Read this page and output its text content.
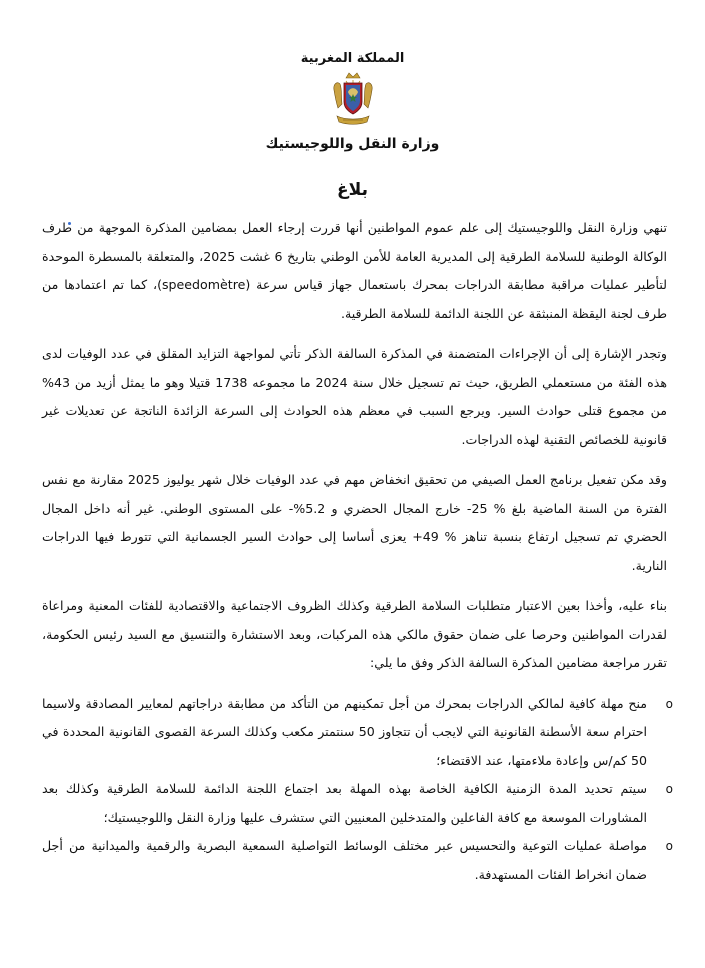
المملكة المغربية
وزارة النقل واللوجيستيك
بلاغ

تنهي وزارة النقل واللوجيستيك إلى علم عموم المواطنين أنها قررت إرجاء العمل بمضامين المذكرة الموجهة من طرف الوكالة الوطنية للسلامة الطرقية إلى المديرية العامة للأمن الوطني بتاريخ 6 غشت 2025، والمتعلقة بالمسطرة الموحدة لتأطير عمليات مراقبة مطابقة الدراجات بمحرك باستعمال جهاز قياس سرعة (speedomètre)، كما تم اعتمادها من طرف لجنة اليقظة المنبثقة عن اللجنة الدائمة للسلامة الطرقية.

وتجدر الإشارة إلى أن الإجراءات المتضمنة في المذكرة السالفة الذكر تأتي لمواجهة التزايد المقلق في عدد الوفيات لدى هذه الفئة من مستعملي الطريق، حيث تم تسجيل خلال سنة 2024 ما مجموعه 1738 قتيلا وهو ما يمثل أزيد من 43% من مجموع قتلى حوادث السير. ويرجع السبب في معظم هذه الحوادث إلى السرعة الزائدة الناتجة عن تعديلات غير قانونية للخصائص التقنية لهذه الدراجات.

وقد مكن تفعيل برنامج العمل الصيفي من تحقيق انخفاض مهم في عدد الوفيات خلال شهر يوليوز 2025 مقارنة مع نفس الفترة من السنة الماضية بلغ % 25- خارج المجال الحضري و 5.2%- على المستوى الوطني. غير أنه داخل المجال الحضري تم تسجيل ارتفاع بنسبة تناهز % 49+ يعزى أساسا إلى حوادث السير الجسمانية التي تتورط فيها الدراجات النارية.

بناء عليه، وأخذا بعين الاعتبار متطلبات السلامة الطرقية وكذلك الظروف الاجتماعية والاقتصادية للفئات المعنية ومراعاة لقدرات المواطنين وحرصا على ضمان حقوق مالكي هذه المركبات، وبعد الاستشارة والتنسيق مع السيد رئيس الحكومة، تقرر مراجعة مضامين المذكرة السالفة الذكر وفق ما يلي:

o
منح مهلة كافية لمالكي الدراجات بمحرك من أجل تمكينهم من التأكد من مطابقة دراجاتهم لمعايير المصادقة ولاسيما احترام سعة الأسطنة القانونية التي لايجب أن تتجاوز 50 سنتمتر مكعب وكذلك السرعة القصوى القانونية المحددة في 50 كم/س وإعادة ملاءمتها، عند الاقتضاء؛
o
سيتم تحديد المدة الزمنية الكافية الخاصة بهذه المهلة بعد اجتماع اللجنة الدائمة للسلامة الطرقية وكذلك بعد المشاورات الموسعة مع كافة الفاعلين والمتدخلين المعنيين التي ستشرف عليها وزارة النقل واللوجيستيك؛
o
مواصلة عمليات التوعية والتحسيس عبر مختلف الوسائط التواصلية السمعية البصرية والرقمية والميدانية من أجل ضمان انخراط الفئات المستهدفة.
